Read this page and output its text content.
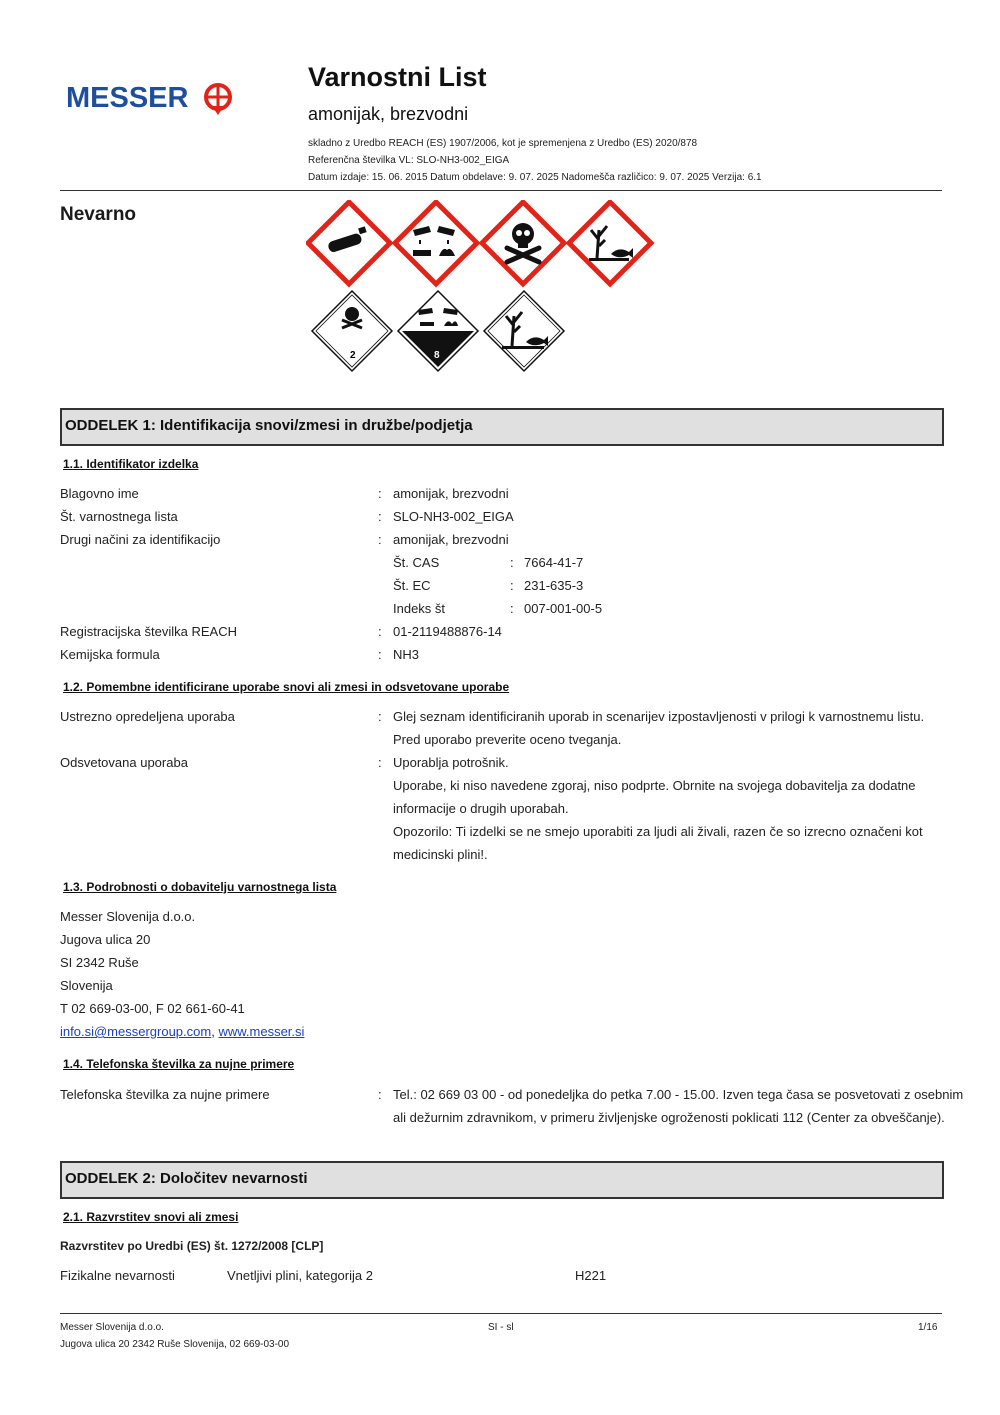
MESSER
Varnostni List
amonijak, brezvodni
skladno z Uredbo REACH (ES) 1907/2006, kot je spremenjena z Uredbo (ES) 2020/878
Referenčna številka VL: SLO-NH3-002_EIGA
Datum izdaje: 15. 06. 2015 Datum obdelave: 9. 07. 2025 Nadomešča različico: 9. 07. 2025 Verzija: 6.1
Nevarno
2	8
ODDELEK 1: Identifikacija snovi/zmesi in družbe/podjetja
1.1. Identifikator izdelka
Blagovno ime	: amonijak, brezvodni
Št. varnostnega lista	: SLO-NH3-002_EIGA
Drugi načini za identifikacijo	: amonijak, brezvodni
Št. CAS	: 7664-41-7
Št. EC	: 231-635-3
Indeks št	: 007-001-00-5
Registracijska številka REACH	: 01-2119488876-14
Kemijska formula	: NH3
1.2. Pomembne identificirane uporabe snovi ali zmesi in odsvetovane uporabe
Ustrezno opredeljena uporaba	: Glej seznam identificiranih uporab in scenarijev izpostavljenosti v prilogi k varnostnemu listu.
Pred uporabo preverite oceno tveganja.
Odsvetovana uporaba	: Uporablja potrošnik.
Uporabe, ki niso navedene zgoraj, niso podprte. Obrnite na svojega dobavitelja za dodatne
informacije o drugih uporabah.
Opozorilo: Ti izdelki se ne smejo uporabiti za ljudi ali živali, razen če so izrecno označeni kot
medicinski plini!.
1.3. Podrobnosti o dobavitelju varnostnega lista
Messer Slovenija d.o.o.
Jugova ulica 20
SI 2342 Ruše
Slovenija
T 02 669-03-00, F 02 661-60-41
info.si@messergroup.com, www.messer.si
1.4. Telefonska številka za nujne primere
Telefonska številka za nujne primere	: Tel.: 02 669 03 00 - od ponedeljka do petka 7.00 - 15.00. Izven tega časa se posvetovati z osebnim
ali dežurnim zdravnikom, v primeru življenjske ogroženosti poklicati 112 (Center za obveščanje).
ODDELEK 2: Določitev nevarnosti
2.1. Razvrstitev snovi ali zmesi
Razvrstitev po Uredbi (ES) št. 1272/2008 [CLP]
Fizikalne nevarnosti	Vnetljivi plini, kategorija 2	H221
Messer Slovenija d.o.o.
Jugova ulica 20 2342 Ruše Slovenija, 02 669-03-00
SI - sl	1/16
